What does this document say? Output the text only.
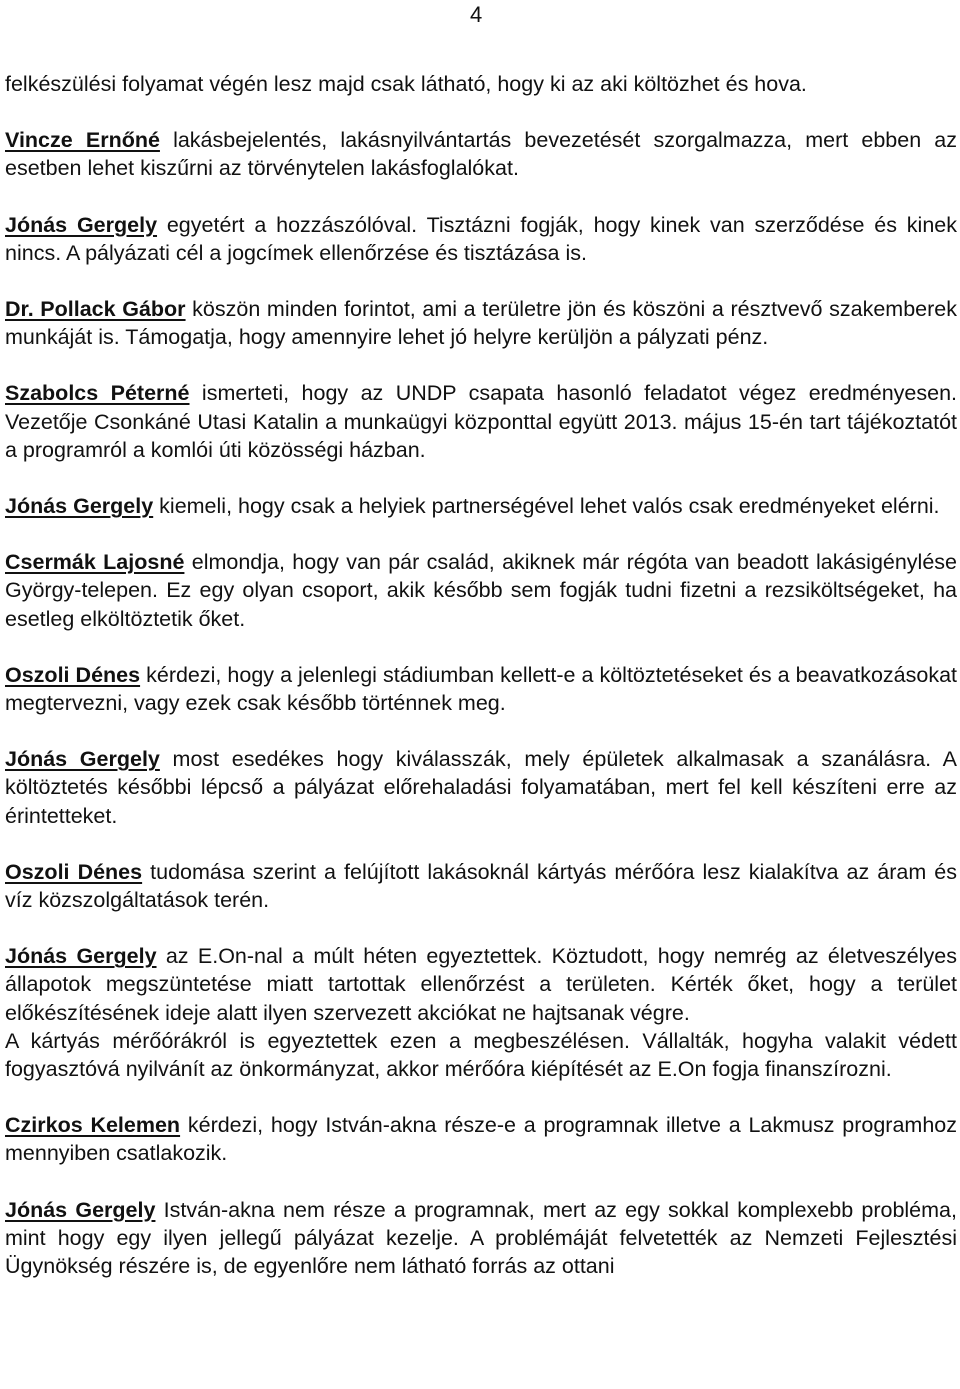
4

felkészülési folyamat végén lesz majd csak látható, hogy ki az aki költözhet és hova.

Vincze Ernőné lakásbejelentés, lakásnyilvántartás bevezetését szorgalmazza, mert ebben az esetben lehet kiszűrni az törvénytelen lakásfoglalókat.

Jónás Gergely egyetért a hozzászólóval. Tisztázni fogják, hogy kinek van szerződése és kinek nincs. A pályázati cél a jogcímek ellenőrzése és tisztázása is.

Dr. Pollack Gábor köszön minden forintot, ami a területre jön és köszöni a résztvevő szakemberek munkáját is. Támogatja, hogy amennyire lehet jó helyre kerüljön a pályzati pénz.

Szabolcs Péterné ismerteti, hogy az UNDP csapata hasonló feladatot végez eredményesen. Vezetője Csonkáné Utasi Katalin a munkaügyi központtal együtt 2013. május 15-én tart tájékoztatót a programról a komlói úti közösségi házban.

Jónás Gergely kiemeli, hogy csak a helyiek partnerségével lehet valós csak eredményeket elérni.

Csermák Lajosné elmondja, hogy van pár család, akiknek már régóta van beadott lakásigénylése György-telepen. Ez egy olyan csoport, akik később sem fogják tudni fizetni a rezsiköltségeket, ha esetleg elköltöztetik őket.

Oszoli Dénes kérdezi, hogy a jelenlegi stádiumban kellett-e a költöztetéseket és a beavatkozásokat megtervezni, vagy ezek csak később történnek meg.

Jónás Gergely most esedékes hogy kiválasszák, mely épületek alkalmasak a szanálásra. A költöztetés későbbi lépcső a pályázat előrehaladási folyamatában, mert fel kell készíteni erre az érintetteket.

Oszoli Dénes tudomása szerint a felújított lakásoknál kártyás mérőóra lesz kialakítva az áram és víz közszolgáltatások terén.

Jónás Gergely az E.On-nal a múlt héten egyeztettek. Köztudott, hogy nemrég az életveszélyes állapotok megszüntetése miatt tartottak ellenőrzést a területen. Kérték őket, hogy a terület előkészítésének ideje alatt ilyen szervezett akciókat ne hajtsanak végre.

A kártyás mérőórákról is egyeztettek ezen a megbeszélésen. Vállalták, hogyha valakit védett fogyasztóvá nyilvánít az önkormányzat, akkor mérőóra kiépítését az E.On fogja finanszírozni.

Czirkos Kelemen kérdezi, hogy István-akna része-e a programnak illetve a Lakmusz programhoz mennyiben csatlakozik.

Jónás Gergely István-akna nem része a programnak, mert az egy sokkal komplexebb probléma, mint hogy egy ilyen jellegű pályázat kezelje. A problémáját felvetették az Nemzeti Fejlesztési Ügynökség részére is, de egyenlőre nem látható forrás az ottani
